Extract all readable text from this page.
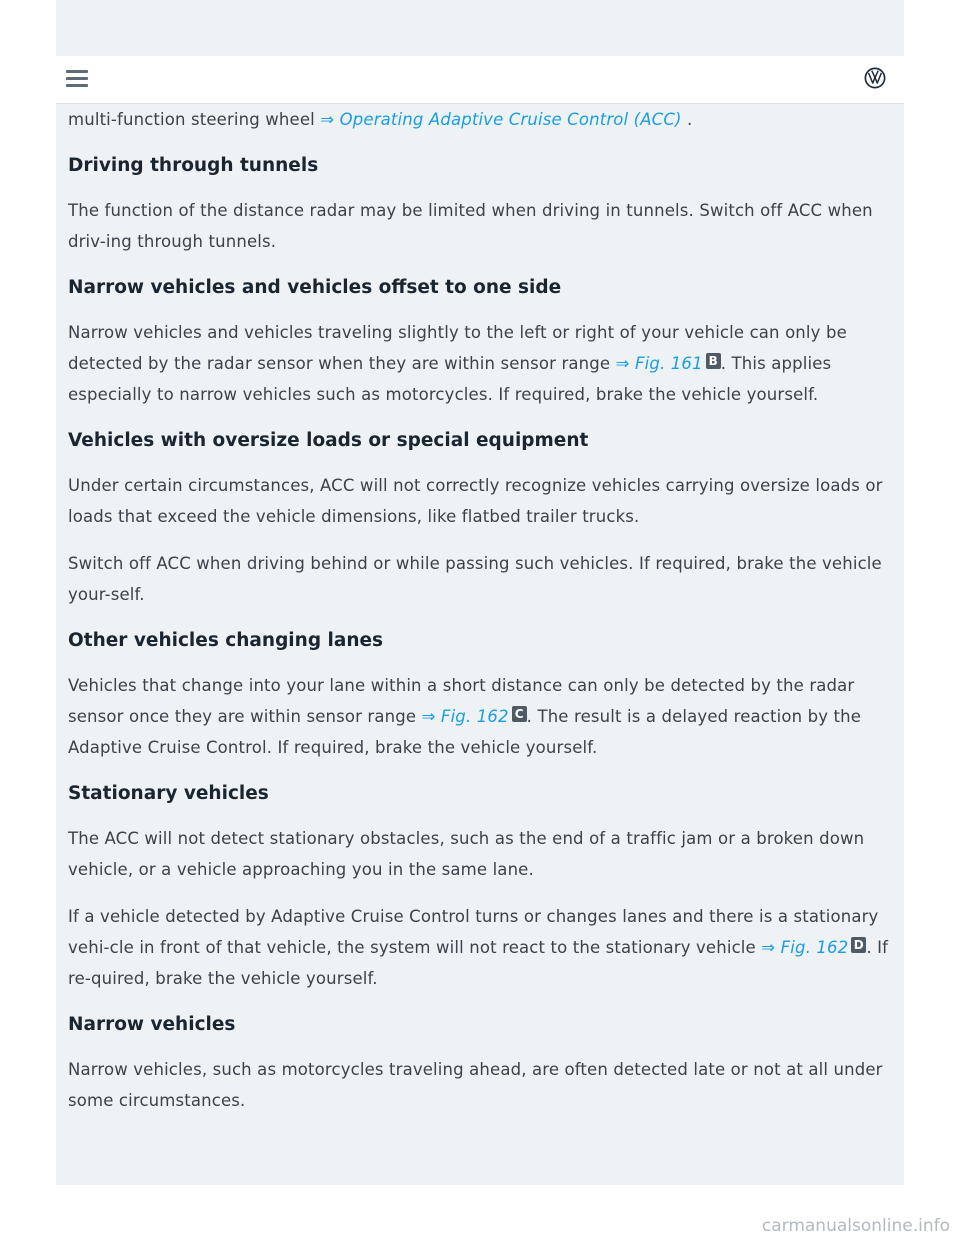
multi-function steering wheel ⇒ Operating Adaptive Cruise Control (ACC) .

Driving through tunnels

The function of the distance radar may be limited when driving in tunnels. Switch off ACC when driv-ing through tunnels.

Narrow vehicles and vehicles offset to one side

Narrow vehicles and vehicles traveling slightly to the left or right of your vehicle can only be detected by the radar sensor when they are within sensor range ⇒ Fig. 161 B . This applies especially to narrow vehicles such as motorcycles. If required, brake the vehicle yourself.

Vehicles with oversize loads or special equipment

Under certain circumstances, ACC will not correctly recognize vehicles carrying oversize loads or loads that exceed the vehicle dimensions, like flatbed trailer trucks.

Switch off ACC when driving behind or while passing such vehicles. If required, brake the vehicle your-self.

Other vehicles changing lanes

Vehicles that change into your lane within a short distance can only be detected by the radar sensor once they are within sensor range ⇒ Fig. 162 C . The result is a delayed reaction by the Adaptive Cruise Control. If required, brake the vehicle yourself.

Stationary vehicles

The ACC will not detect stationary obstacles, such as the end of a traffic jam or a broken down vehicle, or a vehicle approaching you in the same lane.

If a vehicle detected by Adaptive Cruise Control turns or changes lanes and there is a stationary vehi-cle in front of that vehicle, the system will not react to the stationary vehicle ⇒ Fig. 162 D . If re-quired, brake the vehicle yourself.

Narrow vehicles

Narrow vehicles, such as motorcycles traveling ahead, are often detected late or not at all under some circumstances.

carmanualsonline.info
